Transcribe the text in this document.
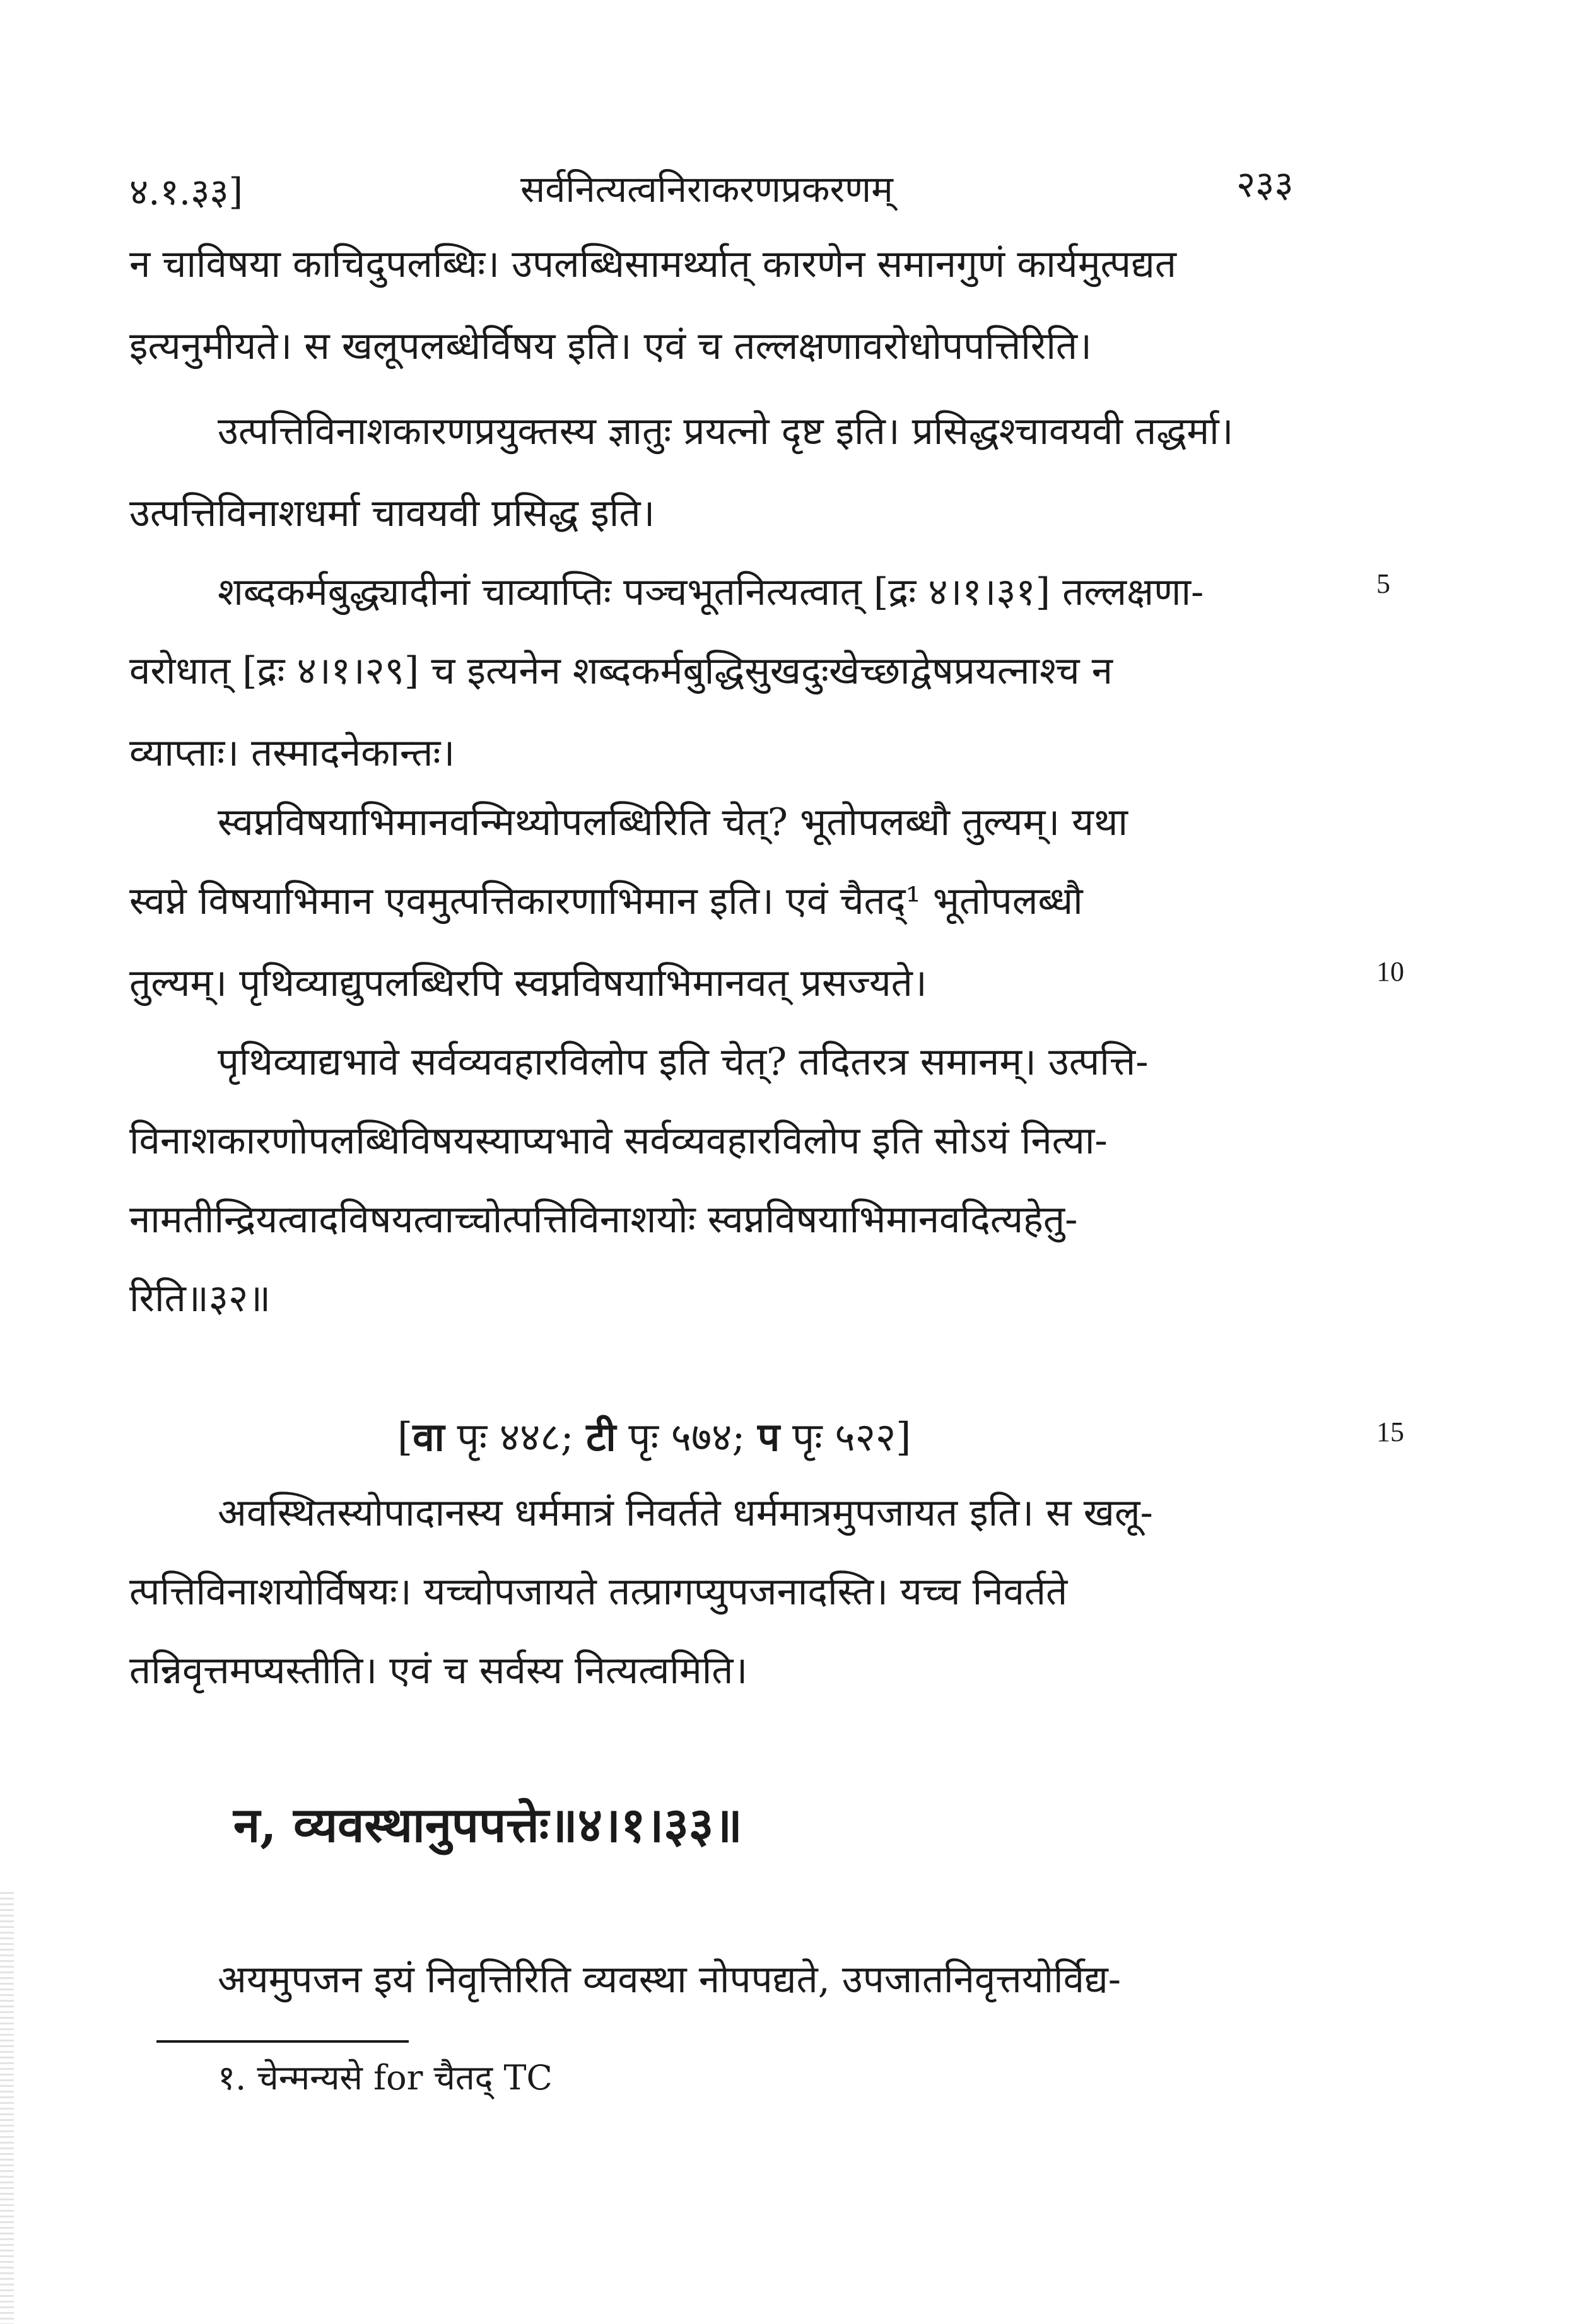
४.१.३३]	सर्वनित्यत्वनिराकरणप्रकरणम्	२३३
न चाविषया काचिदुपलब्धिः। उपलब्धिसामर्थ्यात् कारणेन समानगुणं कार्यमुत्पद्यत
इत्यनुमीयते। स खलूपलब्धेर्विषय इति। एवं च तल्लक्षणावरोधोपपत्तिरिति।
उत्पत्तिविनाशकारणप्रयुक्तस्य ज्ञातुः प्रयत्नो दृष्ट इति। प्रसिद्धश्चावयवी तद्धर्मा।
उत्पत्तिविनाशधर्मा चावयवी प्रसिद्ध इति।
शब्दकर्मबुद्ध्यादीनां चाव्याप्तिः पञ्चभूतनित्यत्वात् [द्रः ४।१।३१] तल्लक्षणा-
वरोधात् [द्रः ४।१।२९] च इत्यनेन शब्दकर्मबुद्धिसुखदुःखेच्छाद्वेषप्रयत्नाश्च न
व्याप्ताः। तस्मादनेकान्तः।
स्वप्नविषयाभिमानवन्मिथ्योपलब्धिरिति चेत्? भूतोपलब्धौ तुल्यम्। यथा
स्वप्ने विषयाभिमान एवमुत्पत्तिकारणाभिमान इति। एवं चैतद्¹ भूतोपलब्धौ
तुल्यम्। पृथिव्याद्युपलब्धिरपि स्वप्नविषयाभिमानवत् प्रसज्यते।
पृथिव्याद्यभावे सर्वव्यवहारविलोप इति चेत्? तदितरत्र समानम्। उत्पत्ति-
विनाशकारणोपलब्धिविषयस्याप्यभावे सर्वव्यवहारविलोप इति सोऽयं नित्या-
नामतीन्द्रियत्वादविषयत्वाच्चोत्पत्तिविनाशयोः स्वप्नविषयाभिमानवदित्यहेतु-
रिति॥३२॥
5
10
15
[वा पृः ४४८; टी पृः ५७४; प पृः ५२२]
अवस्थितस्योपादानस्य धर्ममात्रं निवर्तते धर्ममात्रमुपजायत इति। स खलू-
त्पत्तिविनाशयोर्विषयः। यच्चोपजायते तत्प्रागप्युपजनादस्ति। यच्च निवर्तते
तन्निवृत्तमप्यस्तीति। एवं च सर्वस्य नित्यत्वमिति।
न, व्यवस्थानुपपत्तेः॥४।१।३३॥
अयमुपजन इयं निवृत्तिरिति व्यवस्था नोपपद्यते, उपजातनिवृत्तयोर्विद्य-
१. चेन्मन्यसे for चैतद् TC
